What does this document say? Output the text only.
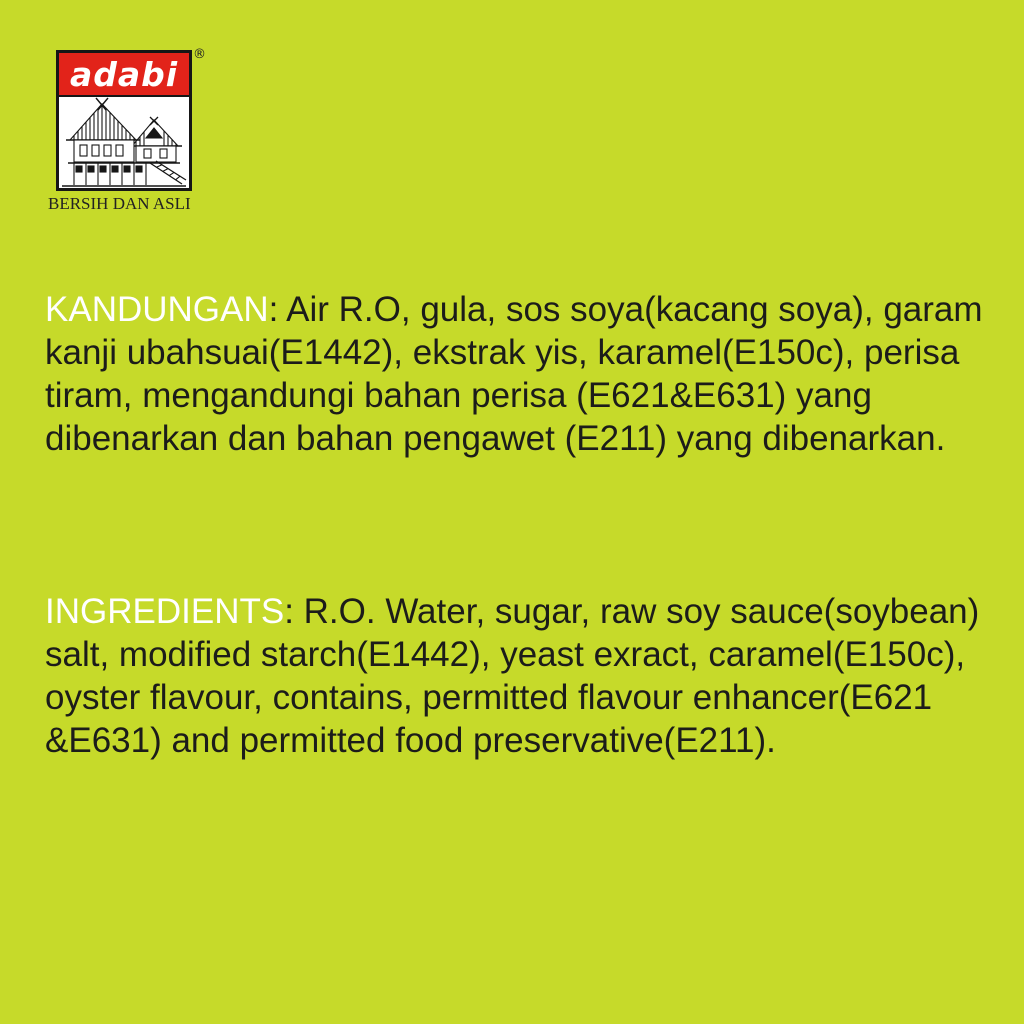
adabi
®
BERSIH DAN ASLI
KANDUNGAN: Air R.O, gula, sos soya(kacang soya), garam
kanji ubahsuai(E1442), ekstrak yis, karamel(E150c), perisa
tiram, mengandungi bahan perisa (E621&E631) yang
dibenarkan dan bahan pengawet (E211) yang dibenarkan.
INGREDIENTS: R.O. Water, sugar, raw soy sauce(soybean)
salt, modified starch(E1442), yeast exract, caramel(E150c),
oyster flavour, contains, permitted flavour enhancer(E621
&E631) and permitted food preservative(E211).
